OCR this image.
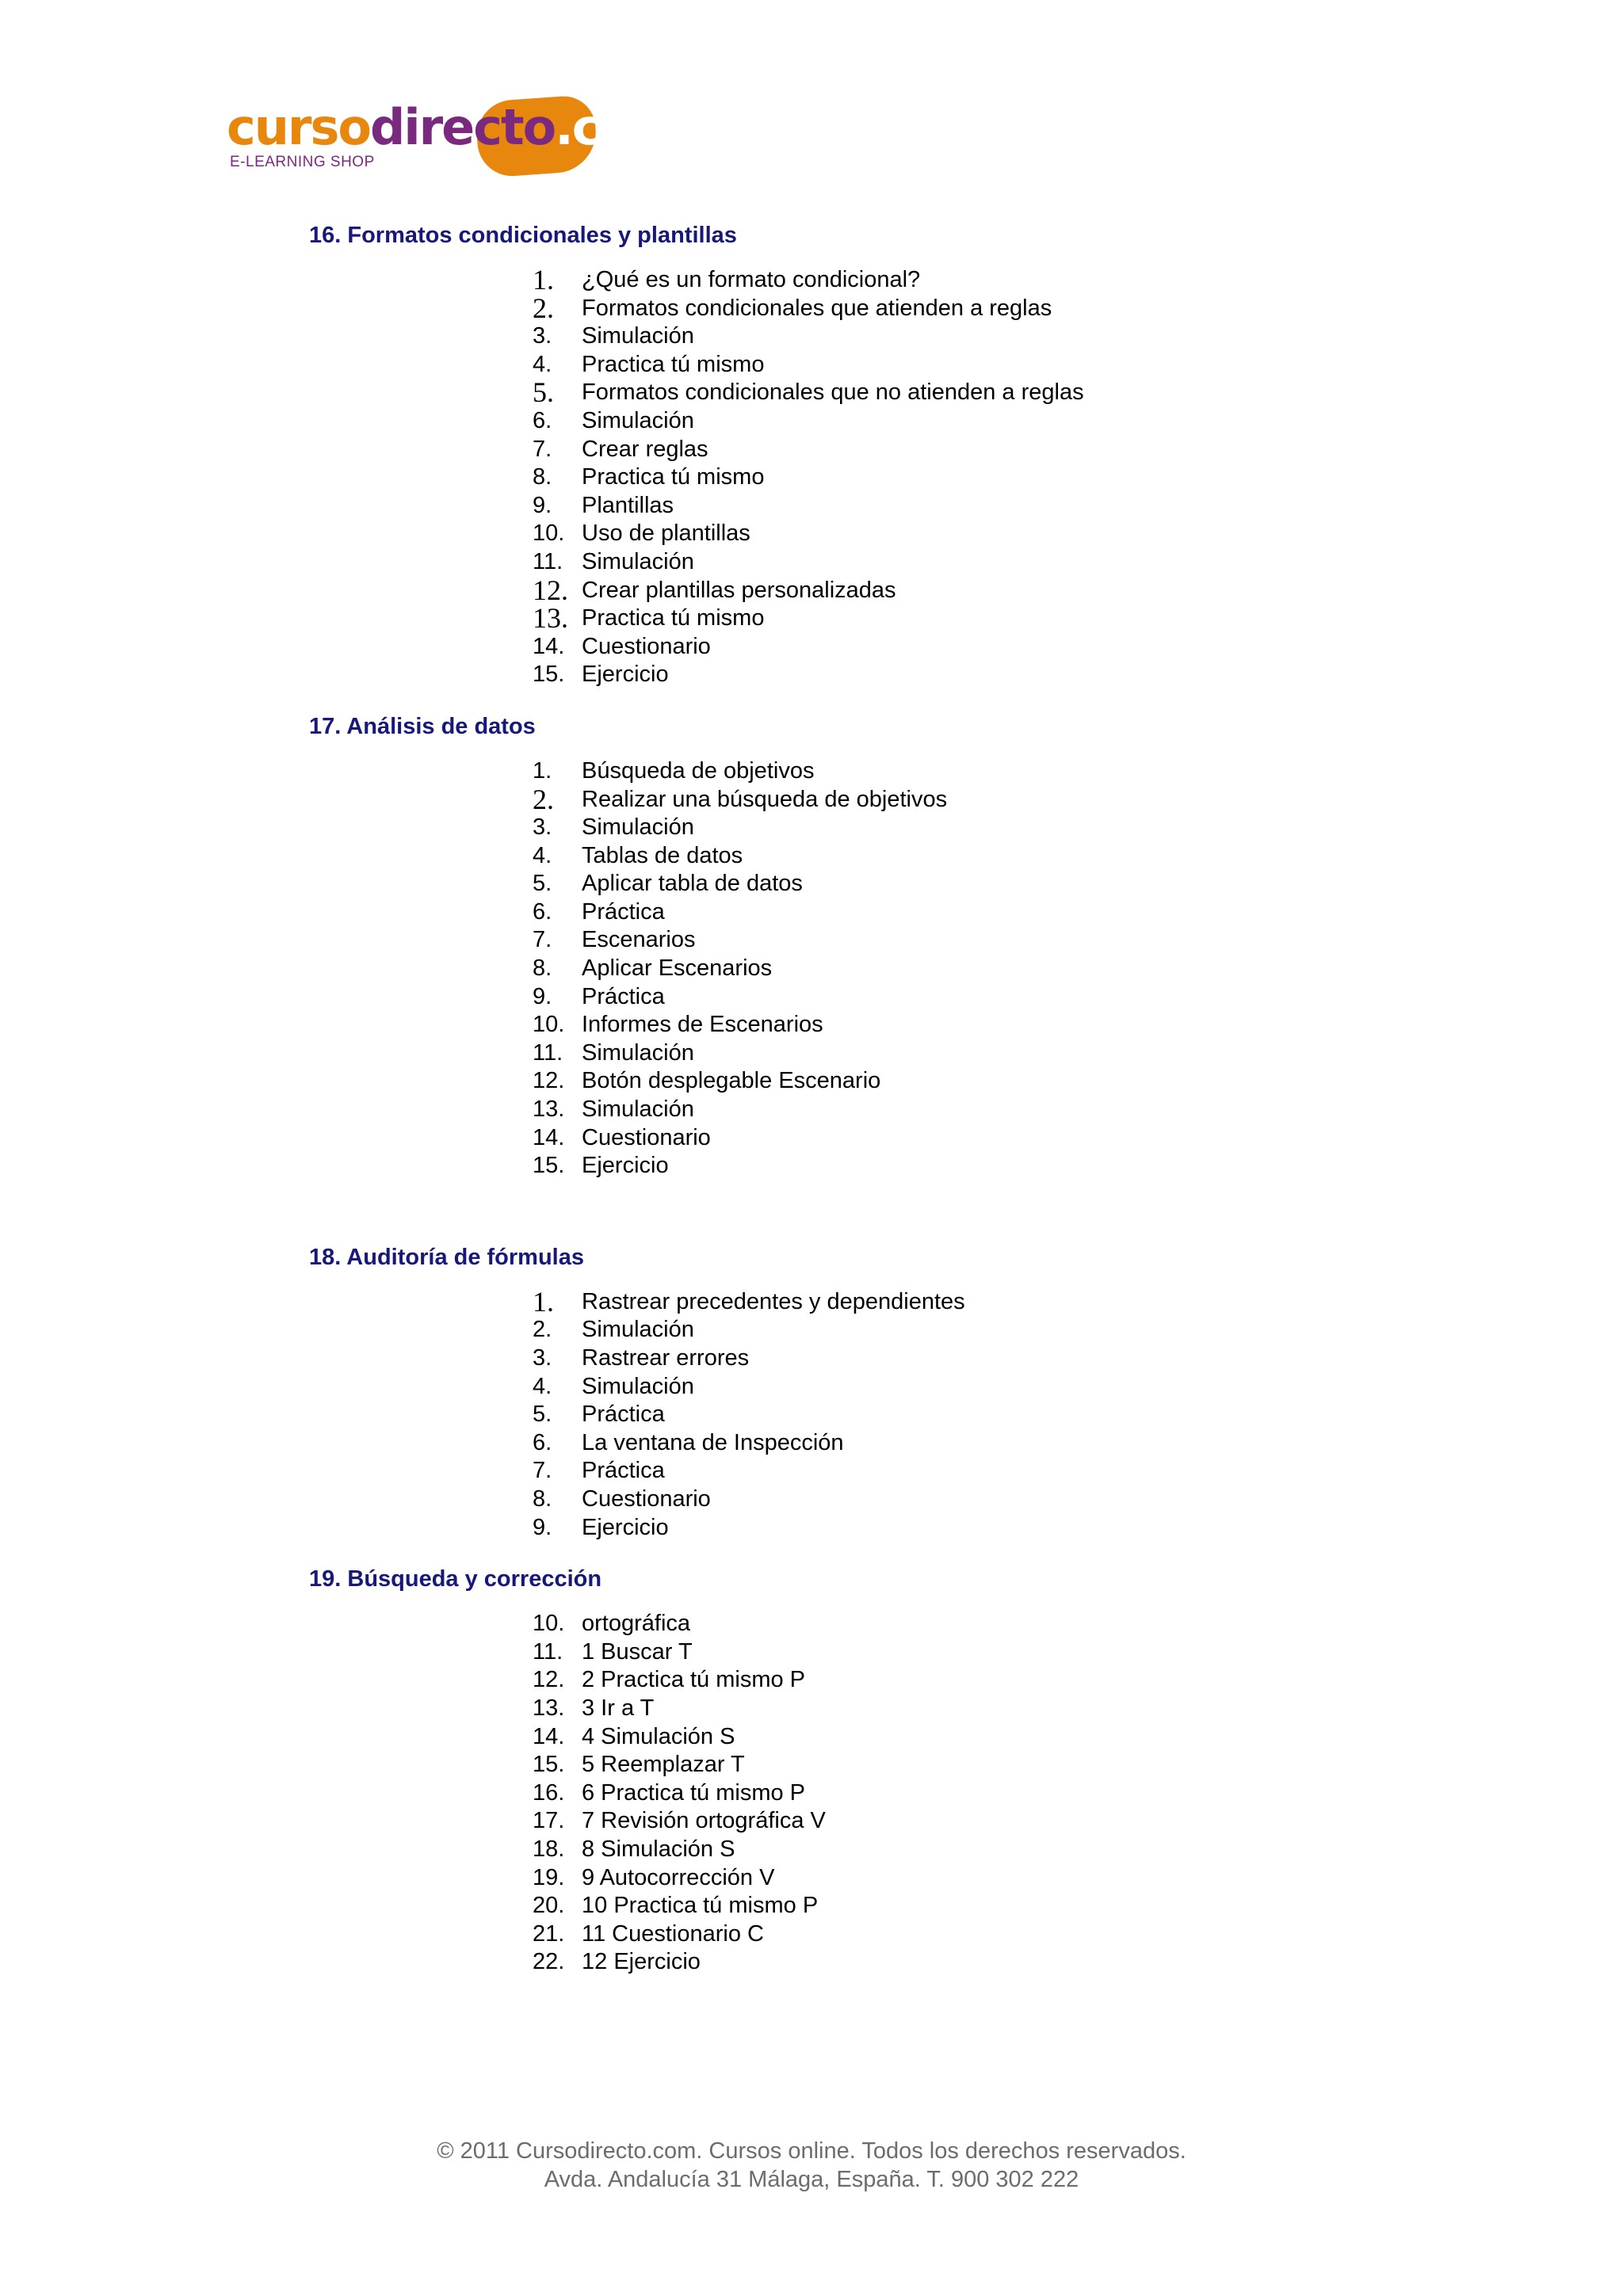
cursodirecto.com
E-LEARNING SHOP
16. Formatos condicionales y plantillas
1.	¿Qué es un formato condicional?
2.	Formatos condicionales que atienden a reglas
3.	Simulación
4.	Practica tú mismo
5.	Formatos condicionales que no atienden a reglas
6.	Simulación
7.	Crear reglas
8.	Practica tú mismo
9.	Plantillas
10. Uso de plantillas
11. Simulación
12. Crear plantillas personalizadas
13. Practica tú mismo
14. Cuestionario
15. Ejercicio
17. Análisis de datos
1.	Búsqueda de objetivos
2.	Realizar una búsqueda de objetivos
3.	Simulación
4.	Tablas de datos
5.	Aplicar tabla de datos
6.	Práctica
7.	Escenarios
8.	Aplicar Escenarios
9.	Práctica
10. Informes de Escenarios
11. Simulación
12. Botón desplegable Escenario
13. Simulación
14. Cuestionario
15. Ejercicio
18. Auditoría de fórmulas
1.	Rastrear precedentes y dependientes
2.	Simulación
3.	Rastrear errores
4.	Simulación
5.	Práctica
6.	La ventana de Inspección
7.	Práctica
8.	Cuestionario
9.	Ejercicio
19. Búsqueda y corrección
10. ortográfica
11. 1 Buscar T
12. 2 Practica tú mismo P
13. 3 Ir a T
14. 4 Simulación S
15. 5 Reemplazar T
16. 6 Practica tú mismo P
17. 7 Revisión ortográfica V
18. 8 Simulación S
19. 9 Autocorrección V
20. 10 Practica tú mismo P
21. 11 Cuestionario C
22. 12 Ejercicio
© 2011 Cursodirecto.com. Cursos online. Todos los derechos reservados.
Avda. Andalucía 31 Málaga, España. T. 900 302 222
